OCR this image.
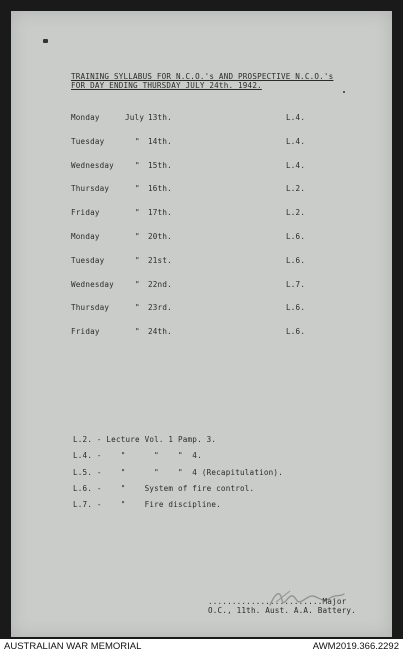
TRAINING SYLLABUS FOR N.C.O.'s AND PROSPECTIVE N.C.O.'s
FOR DAY ENDING THURSDAY JULY 24th. 1942.
Monday	July 13th.	L.4.
Tuesday	" 14th.	L.4.
Wednesday	" 15th.	L.4.
Thursday	" 16th.	L.2.
Friday	" 17th.	L.2.
Monday	" 20th.	L.6.
Tuesday	" 21st.	L.6.
Wednesday	" 22nd.	L.7.
Thursday	" 23rd.	L.6.
Friday	" 24th.	L.6.
L.2. - Lecture Vol. 1 Pamp. 3.
L.4. -    "      "    "  4.
L.5. -    "      "    "  4 (Recapitulation).
L.6. -    "    System of fire control.
L.7. -    "    Fire discipline.
........................Major
O.C., 11th. Aust. A.A. Battery.
AUSTRALIAN WAR MEMORIAL	AWM2019.366.2292
